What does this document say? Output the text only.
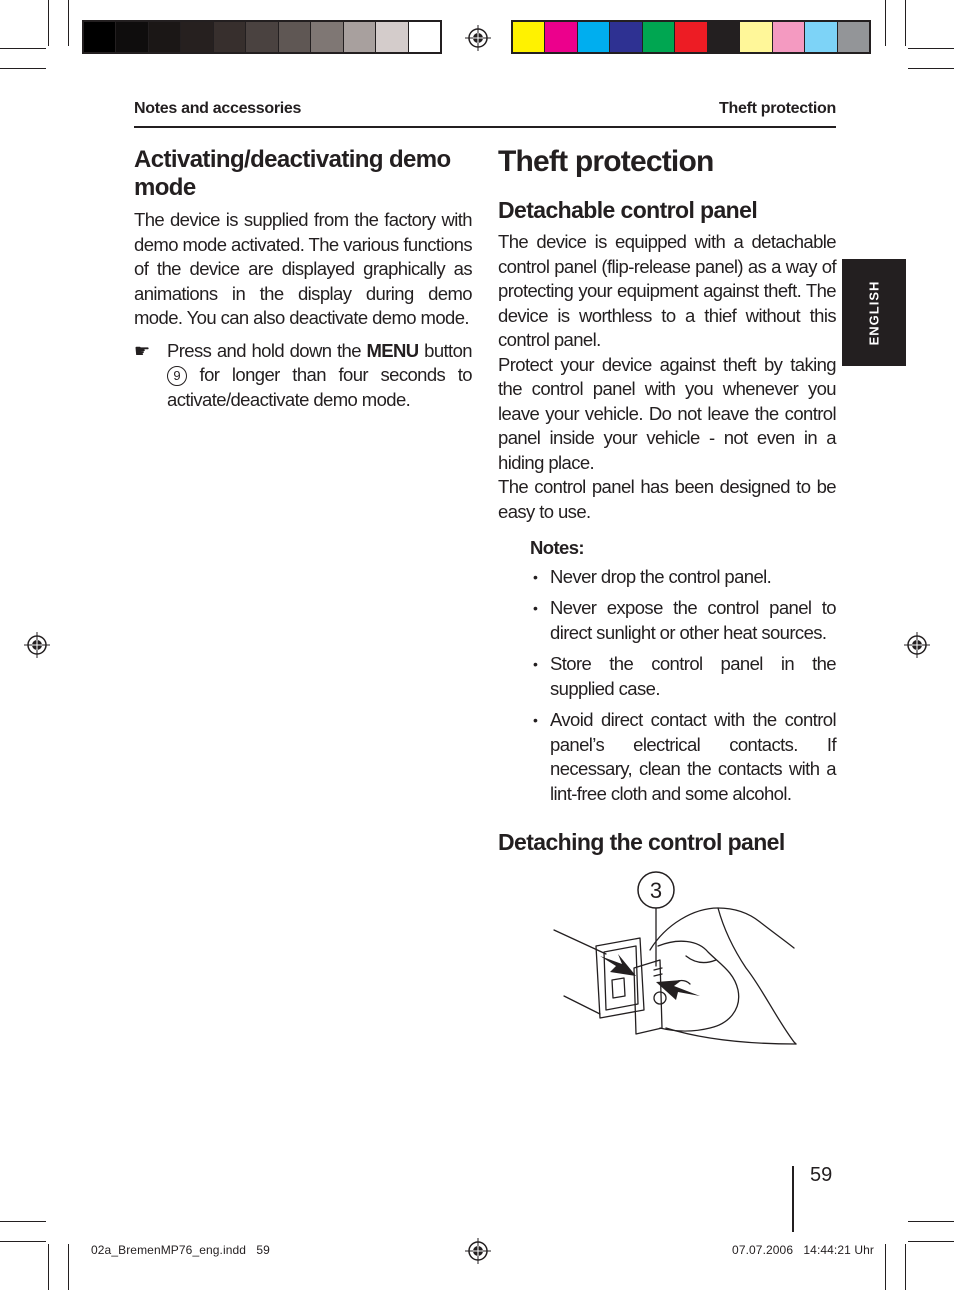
Notes and accessories	Theft protection
ENGLISH
Activating/deactivating demo mode

The device is supplied from the factory with demo mode activated. The various functions of the device are displayed graphically as animations in the display during demo mode. You can also deactivate demo mode.

☛ Press and hold down the MENU button 9 for longer than four seconds to activate/deactivate demo mode.
Theft protection
Detachable control panel

The device is equipped with a detachable control panel (flip-release panel) as a way of protecting your equipment against theft. The device is worthless to a thief without this control panel.

Protect your device against theft by taking the control panel with you whenever you leave your vehicle. Do not leave the control panel inside your vehicle - not even in a hiding place.

The control panel has been designed to be easy to use.

Notes:
• Never drop the control panel.
• Never expose the control panel to direct sunlight or other heat sources.
• Store the control panel in the supplied case.
• Avoid direct contact with the control panel’s electrical contacts. If necessary, clean the contacts with a lint-free cloth and some alcohol.
Detaching the control panel
3
59
02a_BremenMP76_eng.indd   59	07.07.2006   14:44:21 Uhr
